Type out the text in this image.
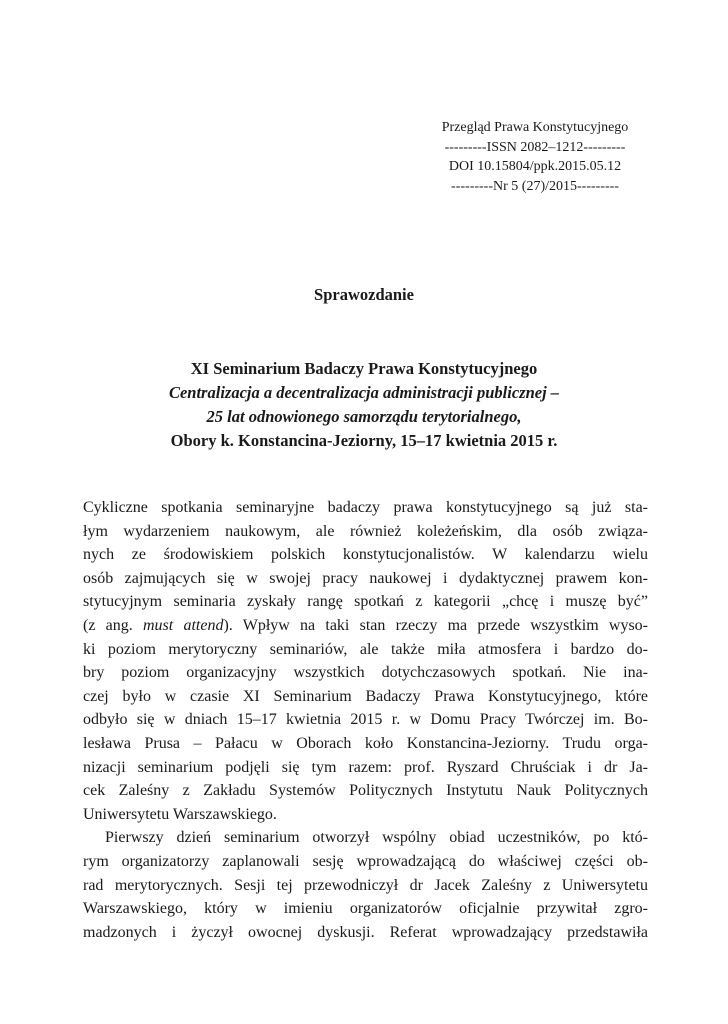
Przegląd Prawa Konstytucyjnego
---------ISSN 2082–1212---------
DOI 10.15804/ppk.2015.05.12
---------Nr 5 (27)/2015---------
Sprawozdanie
XI Seminarium Badaczy Prawa Konstytucyjnego
Centralizacja a decentralizacja administracji publicznej –
25 lat odnowionego samorządu terytorialnego,
Obory k. Konstancina-Jeziorny, 15–17 kwietnia 2015 r.
Cykliczne spotkania seminaryjne badaczy prawa konstytucyjnego są już sta-
łym wydarzeniem naukowym, ale również koleżeńskim, dla osób związa-
nych ze środowiskiem polskich konstytucjonalistów. W kalendarzu wielu
osób zajmujących się w swojej pracy naukowej i dydaktycznej prawem kon-
stytucyjnym seminaria zyskały rangę spotkań z kategorii „chcę i muszę być”
(z ang. must attend). Wpływ na taki stan rzeczy ma przede wszystkim wyso-
ki poziom merytoryczny seminariów, ale także miła atmosfera i bardzo do-
bry poziom organizacyjny wszystkich dotychczasowych spotkań. Nie ina-
czej było w czasie XI Seminarium Badaczy Prawa Konstytucyjnego, które
odbyło się w dniach 15–17 kwietnia 2015 r. w Domu Pracy Twórczej im. Bo-
lesława Prusa – Pałacu w Oborach koło Konstancina-Jeziorny. Trudu orga-
nizacji seminarium podjęli się tym razem: prof. Ryszard Chruściak i dr Ja-
cek Zaleśny z Zakładu Systemów Politycznych Instytutu Nauk Politycznych
Uniwersytetu Warszawskiego.
Pierwszy dzień seminarium otworzył wspólny obiad uczestników, po któ-
rym organizatorzy zaplanowali sesję wprowadzającą do właściwej części ob-
rad merytorycznych. Sesji tej przewodniczył dr Jacek Zaleśny z Uniwersytetu
Warszawskiego, który w imieniu organizatorów oficjalnie przywitał zgro-
madzonych i życzył owocnej dyskusji. Referat wprowadzający przedstawiła
